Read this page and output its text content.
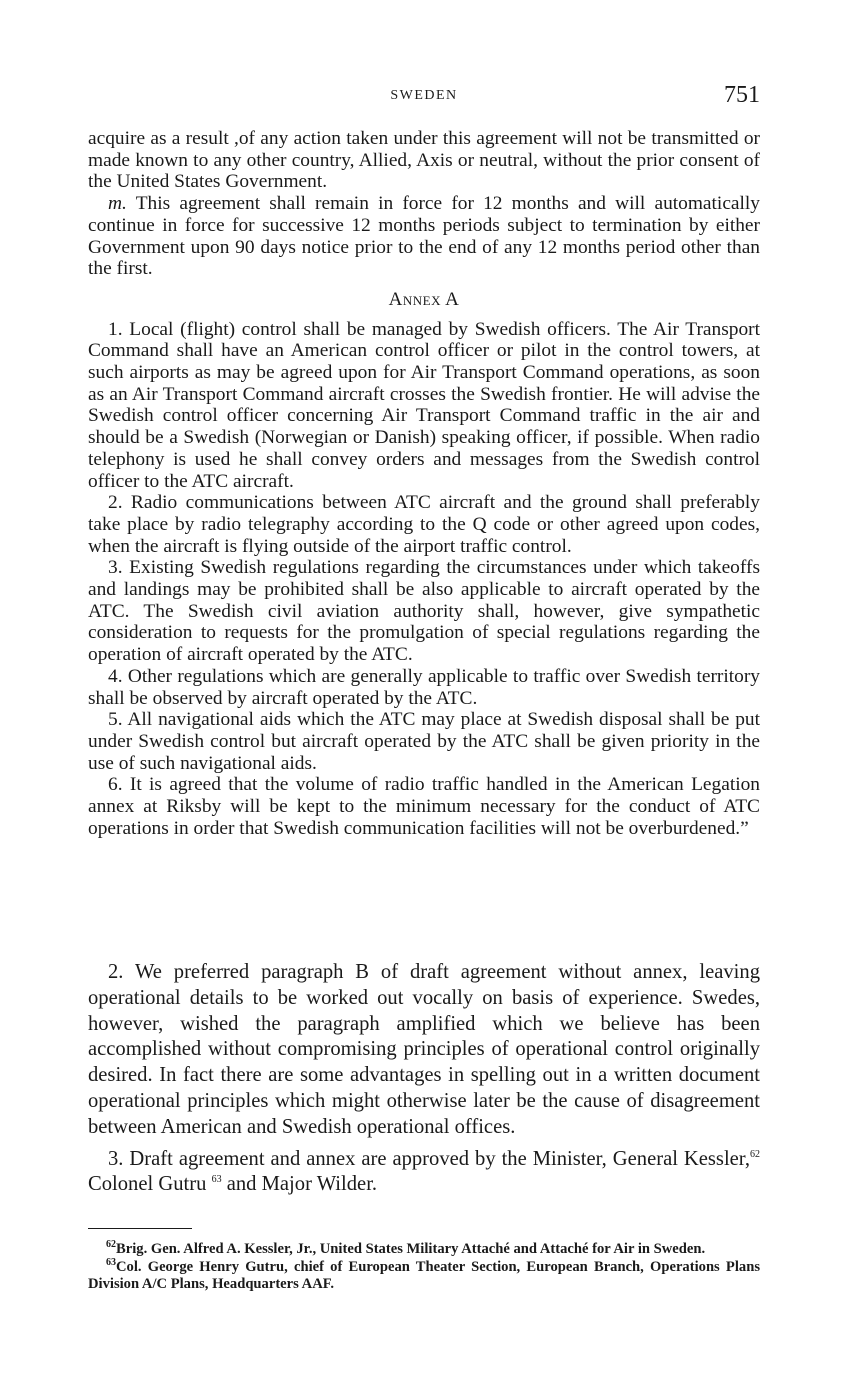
SWEDEN	751

acquire as a result ,of any action taken under this agreement will not be transmitted or made known to any other country, Allied, Axis or neutral, without the prior consent of the United States Government.

m. This agreement shall remain in force for 12 months and will automatically continue in force for successive 12 months periods subject to termination by either Government upon 90 days notice prior to the end of any 12 months period other than the first.

Annex A

1. Local (flight) control shall be managed by Swedish officers. The Air Transport Command shall have an American control officer or pilot in the control towers, at such airports as may be agreed upon for Air Transport Command operations, as soon as an Air Transport Command aircraft crosses the Swedish frontier. He will advise the Swedish control officer concerning Air Transport Command traffic in the air and should be a Swedish (Norwegian or Danish) speaking officer, if possible. When radio telephony is used he shall convey orders and messages from the Swedish control officer to the ATC aircraft.

2. Radio communications between ATC aircraft and the ground shall preferably take place by radio telegraphy according to the Q code or other agreed upon codes, when the aircraft is flying outside of the airport traffic control.

3. Existing Swedish regulations regarding the circumstances under which takeoffs and landings may be prohibited shall be also applicable to aircraft operated by the ATC. The Swedish civil aviation authority shall, however, give sympathetic consideration to requests for the promulgation of special regulations regarding the operation of aircraft operated by the ATC.

4. Other regulations which are generally applicable to traffic over Swedish territory shall be observed by aircraft operated by the ATC.

5. All navigational aids which the ATC may place at Swedish disposal shall be put under Swedish control but aircraft operated by the ATC shall be given priority in the use of such navigational aids.

6. It is agreed that the volume of radio traffic handled in the American Legation annex at Riksby will be kept to the minimum necessary for the conduct of ATC operations in order that Swedish communication facilities will not be overburdened.”

2. We preferred paragraph B of draft agreement without annex, leaving operational details to be worked out vocally on basis of experience. Swedes, however, wished the paragraph amplified which we believe has been accomplished without compromising principles of operational control originally desired. In fact there are some advantages in spelling out in a written document operational principles which might otherwise later be the cause of disagreement between American and Swedish operational offices.

3. Draft agreement and annex are approved by the Minister, General Kessler,$^{62}$ Colonel Gutru $^{63}$ and Major Wilder.

$^{62}$Brig. Gen. Alfred A. Kessler, Jr., United States Military Attaché and Attaché for Air in Sweden.

$^{63}$Col. George Henry Gutru, chief of European Theater Section, European Branch, Operations Plans Division A/C Plans, Headquarters AAF.
